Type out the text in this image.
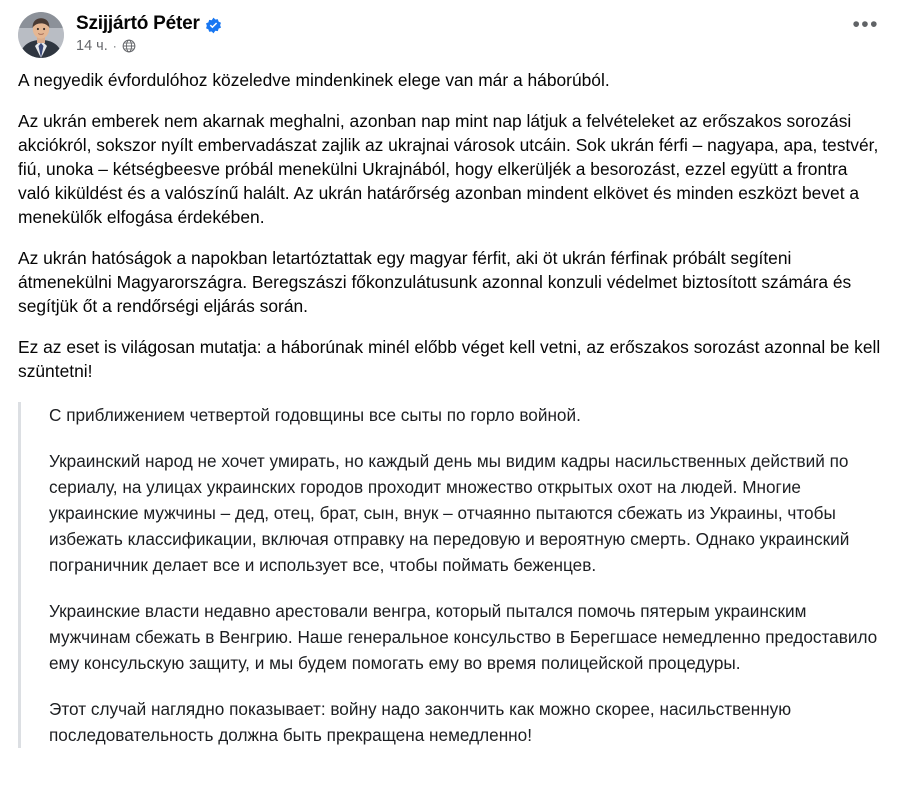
Szijjártó Péter
14 ч. ·
•••

A negyedik évfordulóhoz közeledve mindenkinek elege van már a háborúból.

Az ukrán emberek nem akarnak meghalni, azonban nap mint nap látjuk a felvételeket az erőszakos sorozási akciókról, sokszor nyílt embervadászat zajlik az ukrajnai városok utcáin. Sok ukrán férfi – nagyapa, apa, testvér, fiú, unoka – kétségbeesve próbál menekülni Ukrajnából, hogy elkerüljék a besorozást, ezzel együtt a frontra való kiküldést és a valószínű halált. Az ukrán határőrség azonban mindent elkövet és minden eszközt bevet a menekülők elfogása érdekében.

Az ukrán hatóságok a napokban letartóztattak egy magyar férfit, aki öt ukrán férfinak próbált segíteni átmenekülni Magyarországra. Beregszászi főkonzulátusunk azonnal konzuli védelmet biztosított számára és segítjük őt a rendőrségi eljárás során.

Ez az eset is világosan mutatja: a háborúnak minél előbb véget kell vetni, az erőszakos sorozást azonnal be kell szüntetni!

С приближением четвертой годовщины все сыты по горло войной.

Украинский народ не хочет умирать, но каждый день мы видим кадры насильственных действий по сериалу, на улицах украинских городов проходит множество открытых охот на людей. Многие украинские мужчины – дед, отец, брат, сын, внук – отчаянно пытаются сбежать из Украины, чтобы избежать классификации, включая отправку на передовую и вероятную смерть. Однако украинский пограничник делает все и использует все, чтобы поймать беженцев.

Украинские власти недавно арестовали венгра, который пытался помочь пятерым украинским мужчинам сбежать в Венгрию. Наше генеральное консульство в Берегшасе немедленно предоставило ему консульскую защиту, и мы будем помогать ему во время полицейской процедуры.

Этот случай наглядно показывает: войну надо закончить как можно скорее, насильственную последовательность должна быть прекращена немедленно!
